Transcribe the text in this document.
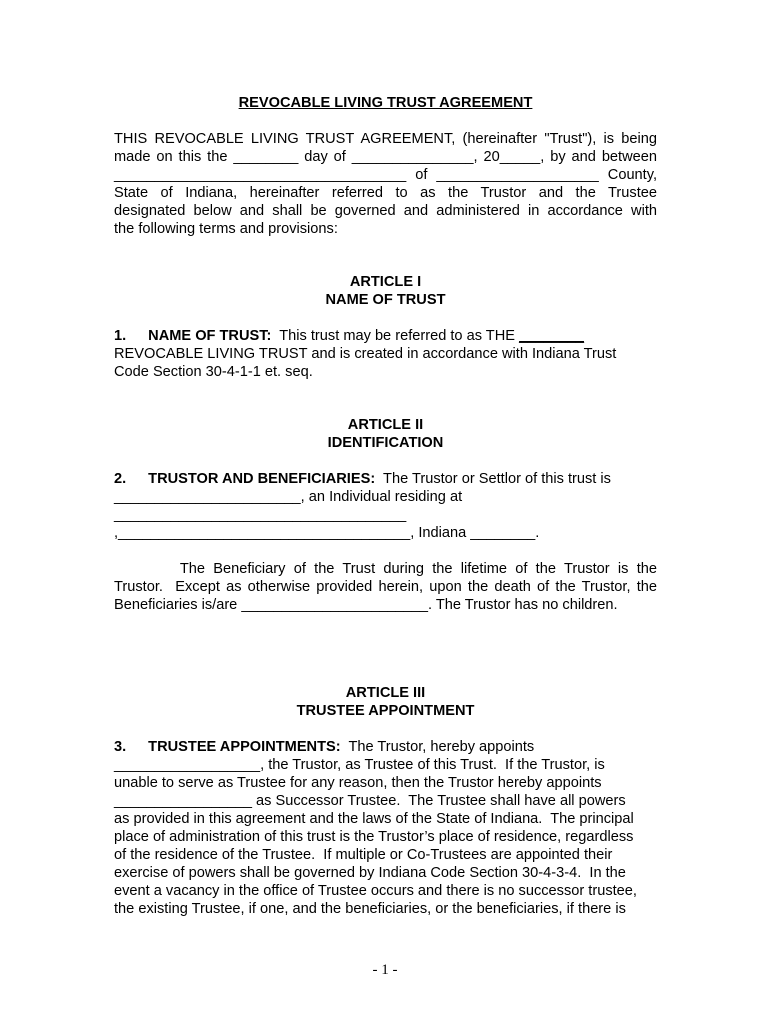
REVOCABLE LIVING TRUST AGREEMENT
THIS REVOCABLE LIVING TRUST AGREEMENT, (hereinafter "Trust"), is being
made on this the ________ day of _______________, 20_____, by and between
____________________________________ of ____________________ County,
State of Indiana, hereinafter referred to as the Trustor and the Trustee
designated below and shall be governed and administered in accordance with
the following terms and provisions:
ARTICLE I
NAME OF TRUST
1. NAME OF TRUST:  This trust may be referred to as THE ________
REVOCABLE LIVING TRUST and is created in accordance with Indiana Trust
Code Section 30-4-1-1 et. seq.
ARTICLE II
IDENTIFICATION
2. TRUSTOR AND BENEFICIARIES:  The Trustor or Settlor of this trust is
_______________________, an Individual residing at
____________________________________
,____________________________________, Indiana ________.
The Beneficiary of the Trust during the lifetime of the Trustor is the
Trustor.  Except as otherwise provided herein, upon the death of the Trustor, the
Beneficiaries is/are _______________________. The Trustor has no children.
ARTICLE III
TRUSTEE APPOINTMENT
3. TRUSTEE APPOINTMENTS:  The Trustor, hereby appoints
__________________, the Trustor, as Trustee of this Trust.  If the Trustor, is
unable to serve as Trustee for any reason, then the Trustor hereby appoints
_________________ as Successor Trustee.  The Trustee shall have all powers
as provided in this agreement and the laws of the State of Indiana.  The principal
place of administration of this trust is the Trustor’s place of residence, regardless
of the residence of the Trustee.  If multiple or Co-Trustees are appointed their
exercise of powers shall be governed by Indiana Code Section 30-4-3-4.  In the
event a vacancy in the office of Trustee occurs and there is no successor trustee,
the existing Trustee, if one, and the beneficiaries, or the beneficiaries, if there is
- 1 -
